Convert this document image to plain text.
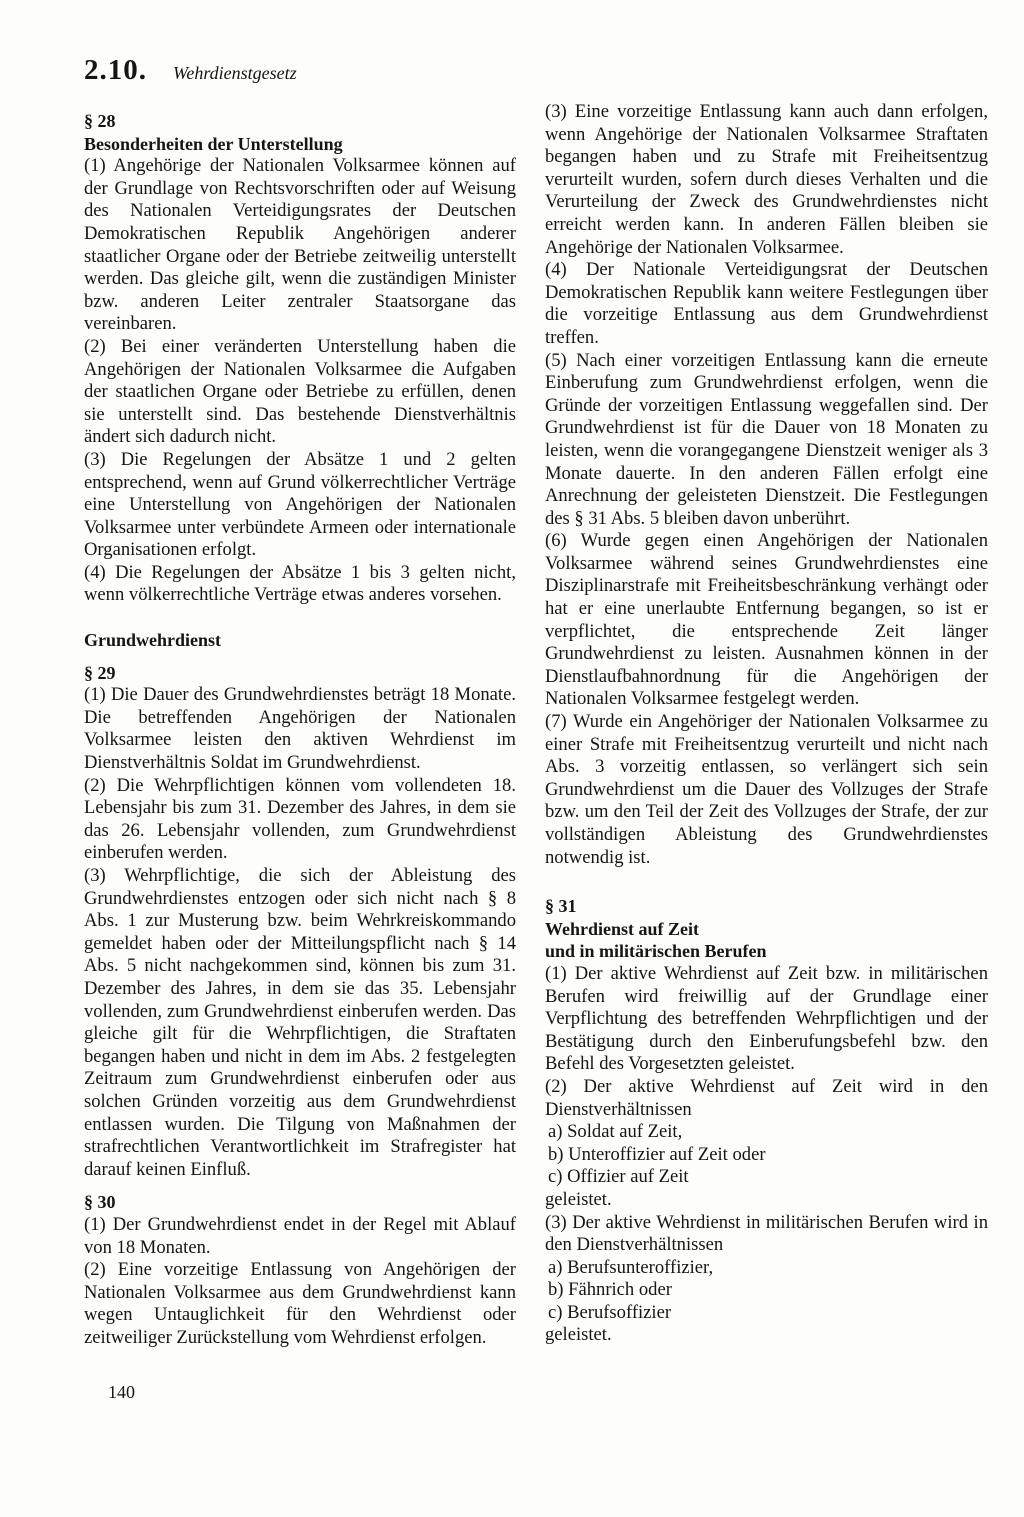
2.10. Wehrdienstgesetz

§ 28

Besonderheiten der Unterstellung

(1) Angehörige der Nationalen Volksarmee können auf der Grundlage von Rechtsvorschriften oder auf Weisung des Nationalen Verteidigungsrates der Deutschen Demokratischen Republik Angehörigen anderer staatlicher Organe oder der Betriebe zeitweilig unterstellt werden. Das gleiche gilt, wenn die zuständigen Minister bzw. anderen Leiter zentraler Staatsorgane das vereinbaren.

(2) Bei einer veränderten Unterstellung haben die Angehörigen der Nationalen Volksarmee die Aufgaben der staatlichen Organe oder Betriebe zu erfüllen, denen sie unterstellt sind. Das bestehende Dienstverhältnis ändert sich dadurch nicht.

(3) Die Regelungen der Absätze 1 und 2 gelten entsprechend, wenn auf Grund völkerrechtlicher Verträge eine Unterstellung von Angehörigen der Nationalen Volksarmee unter verbündete Armeen oder internationale Organisationen erfolgt.

(4) Die Regelungen der Absätze 1 bis 3 gelten nicht, wenn völkerrechtliche Verträge etwas anderes vorsehen.

Grundwehrdienst

§ 29

(1) Die Dauer des Grundwehrdienstes beträgt 18 Monate. Die betreffenden Angehörigen der Nationalen Volksarmee leisten den aktiven Wehrdienst im Dienstverhältnis Soldat im Grundwehrdienst.

(2) Die Wehrpflichtigen können vom vollendeten 18. Lebensjahr bis zum 31. Dezember des Jahres, in dem sie das 26. Lebensjahr vollenden, zum Grundwehrdienst einberufen werden.

(3) Wehrpflichtige, die sich der Ableistung des Grundwehrdienstes entzogen oder sich nicht nach § 8 Abs. 1 zur Musterung bzw. beim Wehrkreiskommando gemeldet haben oder der Mitteilungspflicht nach § 14 Abs. 5 nicht nachgekommen sind, können bis zum 31. Dezember des Jahres, in dem sie das 35. Lebensjahr vollenden, zum Grundwehrdienst einberufen werden. Das gleiche gilt für die Wehrpflichtigen, die Straftaten begangen haben und nicht in dem im Abs. 2 festgelegten Zeitraum zum Grundwehrdienst einberufen oder aus solchen Gründen vorzeitig aus dem Grundwehrdienst entlassen wurden. Die Tilgung von Maßnahmen der strafrechtlichen Verantwortlichkeit im Strafregister hat darauf keinen Einfluß.

§ 30

(1) Der Grundwehrdienst endet in der Regel mit Ablauf von 18 Monaten.

(2) Eine vorzeitige Entlassung von Angehörigen der Nationalen Volksarmee aus dem Grundwehrdienst kann wegen Untauglichkeit für den Wehrdienst oder zeitweiliger Zurückstellung vom Wehrdienst erfolgen.

(3) Eine vorzeitige Entlassung kann auch dann erfolgen, wenn Angehörige der Nationalen Volksarmee Straftaten begangen haben und zu Strafe mit Freiheitsentzug verurteilt wurden, sofern durch dieses Verhalten und die Verurteilung der Zweck des Grundwehrdienstes nicht erreicht werden kann. In anderen Fällen bleiben sie Angehörige der Nationalen Volksarmee.

(4) Der Nationale Verteidigungsrat der Deutschen Demokratischen Republik kann weitere Festlegungen über die vorzeitige Entlassung aus dem Grundwehrdienst treffen.

(5) Nach einer vorzeitigen Entlassung kann die erneute Einberufung zum Grundwehrdienst erfolgen, wenn die Gründe der vorzeitigen Entlassung weggefallen sind. Der Grundwehrdienst ist für die Dauer von 18 Monaten zu leisten, wenn die vorangegangene Dienstzeit weniger als 3 Monate dauerte. In den anderen Fällen erfolgt eine Anrechnung der geleisteten Dienstzeit. Die Festlegungen des § 31 Abs. 5 bleiben davon unberührt.

(6) Wurde gegen einen Angehörigen der Nationalen Volksarmee während seines Grundwehrdienstes eine Disziplinarstrafe mit Freiheitsbeschränkung verhängt oder hat er eine unerlaubte Entfernung begangen, so ist er verpflichtet, die entsprechende Zeit länger Grundwehrdienst zu leisten. Ausnahmen können in der Dienstlaufbahnordnung für die Angehörigen der Nationalen Volksarmee festgelegt werden.

(7) Wurde ein Angehöriger der Nationalen Volksarmee zu einer Strafe mit Freiheitsentzug verurteilt und nicht nach Abs. 3 vorzeitig entlassen, so verlängert sich sein Grundwehrdienst um die Dauer des Vollzuges der Strafe bzw. um den Teil der Zeit des Vollzuges der Strafe, der zur vollständigen Ableistung des Grundwehrdienstes notwendig ist.

§ 31

Wehrdienst auf Zeit

und in militärischen Berufen

(1) Der aktive Wehrdienst auf Zeit bzw. in militärischen Berufen wird freiwillig auf der Grundlage einer Verpflichtung des betreffenden Wehrpflichtigen und der Bestätigung durch den Einberufungsbefehl bzw. den Befehl des Vorgesetzten geleistet.

(2) Der aktive Wehrdienst auf Zeit wird in den Dienstverhältnissen

a) Soldat auf Zeit,

b) Unteroffizier auf Zeit oder

c) Offizier auf Zeit

geleistet.

(3) Der aktive Wehrdienst in militärischen Berufen wird in den Dienstverhältnissen

a) Berufsunteroffizier,

b) Fähnrich oder

c) Berufsoffizier

geleistet.

140
